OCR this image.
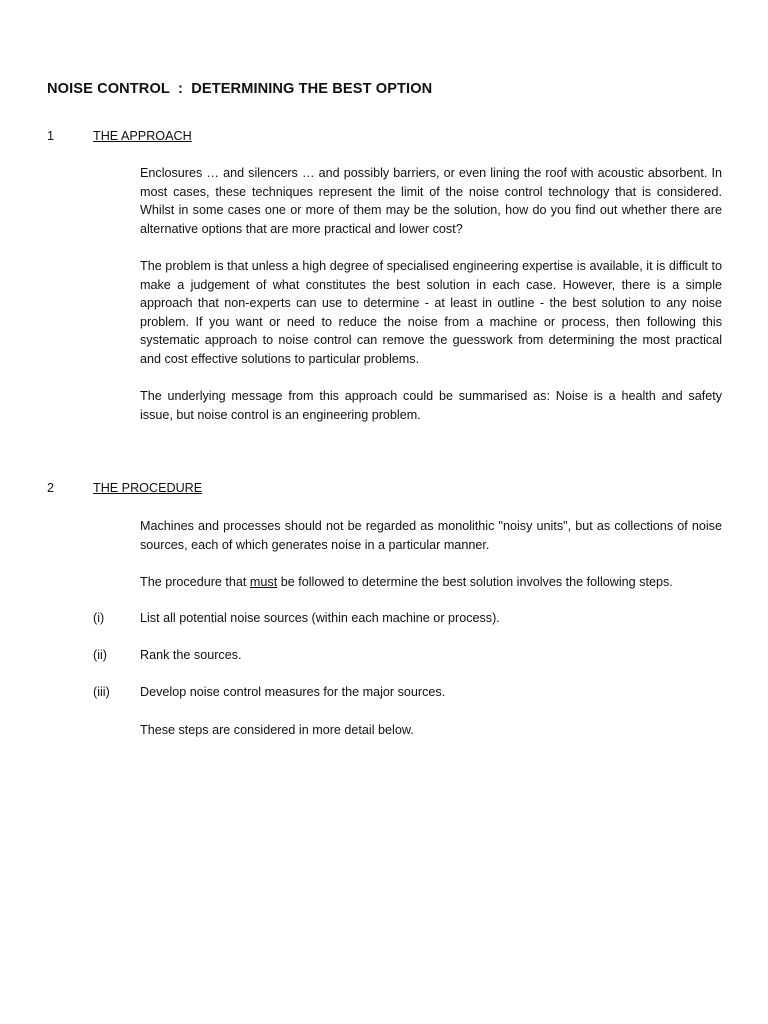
NOISE CONTROL  :  DETERMINING THE BEST OPTION

1	THE APPROACH

Enclosures … and silencers … and possibly barriers, or even lining the roof with acoustic absorbent. In most cases, these techniques represent the limit of the noise control technology that is considered. Whilst in some cases one or more of them may be the solution, how do you find out whether there are alternative options that are more practical and lower cost?

The problem is that unless a high degree of specialised engineering expertise is available, it is difficult to make a judgement of what constitutes the best solution in each case. However, there is a simple approach that non-experts can use to determine - at least in outline - the best solution to any noise problem. If you want or need to reduce the noise from a machine or process, then following this systematic approach to noise control can remove the guesswork from determining the most practical and cost effective solutions to particular problems.

The underlying message from this approach could be summarised as: Noise is a health and safety issue, but noise control is an engineering problem.

2	THE PROCEDURE

Machines and processes should not be regarded as monolithic "noisy units", but as collections of noise sources, each of which generates noise in a particular manner.

The procedure that must be followed to determine the best solution involves the following steps.

(i)	List all potential noise sources (within each machine or process).

(ii)	Rank the sources.

(iii) Develop noise control measures for the major sources.

These steps are considered in more detail below.
